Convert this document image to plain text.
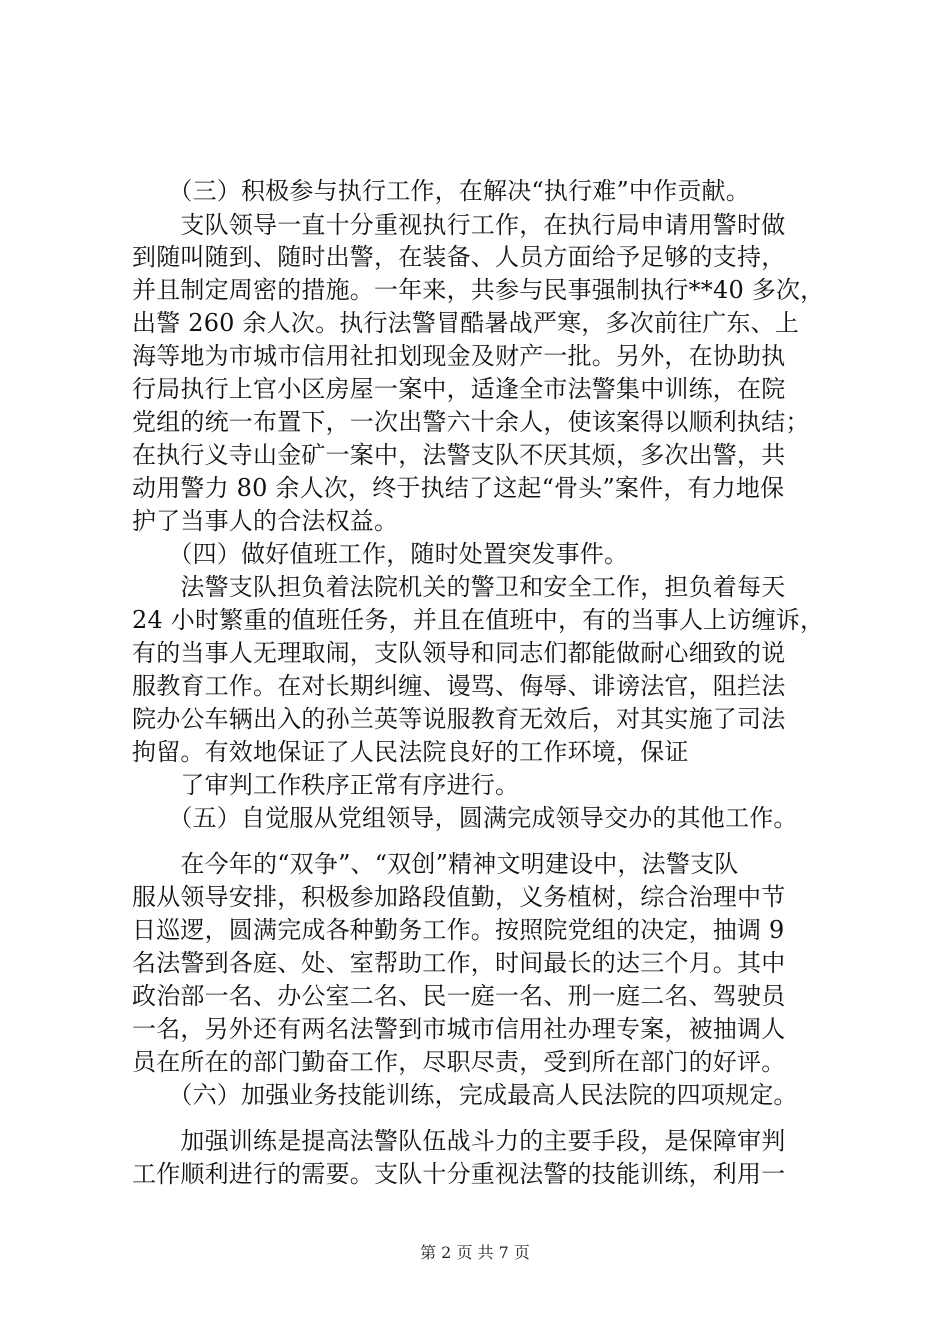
　　（三）积极参与执行工作，在解决“执行难”中作贡献。
　　支队领导一直十分重视执行工作，在执行局申请用警时做
到随叫随到、随时出警，在装备、人员方面给予足够的支持，
并且制定周密的措施。一年来，共参与民事强制执行**40 多次，
出警 260 余人次。执行法警冒酷暑战严寒，多次前往广东、上
海等地为市城市信用社扣划现金及财产一批。另外，在协助执
行局执行上官小区房屋一案中，适逢全市法警集中训练，在院
党组的统一布置下，一次出警六十余人，使该案得以顺利执结；
在执行义寺山金矿一案中，法警支队不厌其烦，多次出警，共
动用警力 80 余人次，终于执结了这起“骨头”案件，有力地保
护了当事人的合法权益。
　　（四）做好值班工作，随时处置突发事件。
　　法警支队担负着法院机关的警卫和安全工作，担负着每天
24 小时繁重的值班任务，并且在值班中，有的当事人上访缠诉，
有的当事人无理取闹，支队领导和同志们都能做耐心细致的说
服教育工作。在对长期纠缠、谩骂、侮辱、诽谤法官，阻拦法
院办公车辆出入的孙兰英等说服教育无效后，对其实施了司法
拘留。有效地保证了人民法院良好的工作环境，保证
　　了审判工作秩序正常有序进行。
　　（五）自觉服从党组领导，圆满完成领导交办的其他工作。
　　在今年的“双争”、“双创”精神文明建设中，法警支队
服从领导安排，积极参加路段值勤，义务植树，综合治理中节
日巡逻，圆满完成各种勤务工作。按照院党组的决定，抽调 9
名法警到各庭、处、室帮助工作，时间最长的达三个月。其中
政治部一名、办公室二名、民一庭一名、刑一庭二名、驾驶员
一名，另外还有两名法警到市城市信用社办理专案，被抽调人
员在所在的部门勤奋工作，尽职尽责，受到所在部门的好评。
　　（六）加强业务技能训练，完成最高人民法院的四项规定。
　　加强训练是提高法警队伍战斗力的主要手段，是保障审判
工作顺利进行的需要。支队十分重视法警的技能训练，利用一
第 2 页 共 7 页
